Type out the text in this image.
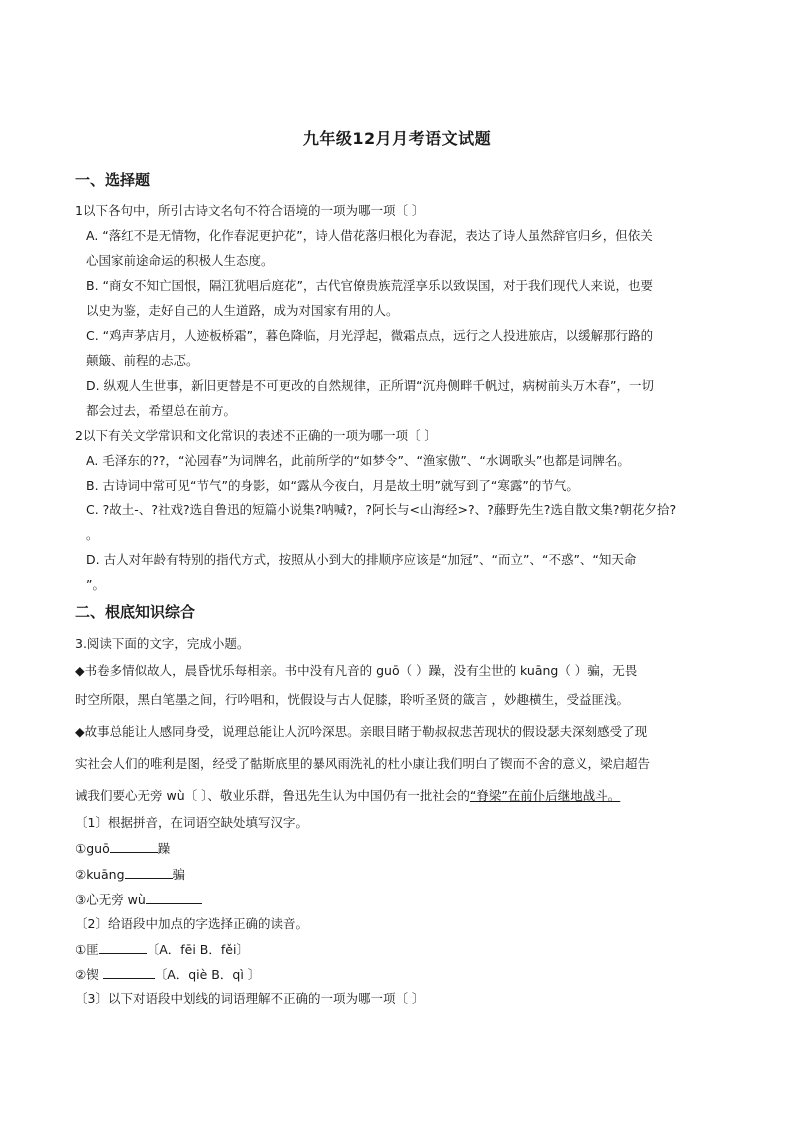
九年级12月月考语文试题
一、选择题
1以下各句中，所引古诗文名句不符合语境的一项为哪一项〔 〕
A. “落红不是无情物，化作春泥更护花”，诗人借花落归根化为春泥，表达了诗人虽然辞官归乡，但依关
心国家前途命运的积极人生态度。
B. “商女不知亡国恨，隔江犹唱后庭花”，古代官僚贵族荒淫享乐以致误国，对于我们现代人来说，也要
以史为鉴，走好自己的人生道路，成为对国家有用的人。
C. “鸡声茅店月，人迹板桥霜”，暮色降临，月光浮起，微霜点点，远行之人投进旅店，以缓解那行路的
颠簸、前程的忐忑。
D. 纵观人生世事，新旧更替是不可更改的自然规律，正所谓“沉舟侧畔千帆过，病树前头万木春”，一切
都会过去，希望总在前方。
2以下有关文学常识和文化常识的表述不正确的一项为哪一项〔 〕
A. 毛泽东的??，“沁园春”为词牌名，此前所学的“如梦令”、“渔家傲”、“水调歌头”也都是词牌名。
B. 古诗词中常可见“节气”的身影，如“露从今夜白，月是故土明”就写到了“寒露”的节气。
C. ?故土-、?社戏?选自鲁迅的短篇小说集?呐喊?，?阿长与<山海经>?、?藤野先生?选自散文集?朝花夕拾?
。
D. 古人对年龄有特别的指代方式，按照从小到大的排顺序应该是“加冠”、“而立”、“不惑”、“知天命
”。
二、根底知识综合
3.阅读下面的文字，完成小题。
◆书卷多情似故人，晨昏忧乐每相亲。书中没有凡音的 guō（ ）躁，没有尘世的 kuāng（ ）骗，无畏
时空所限，黑白笔墨之间，行吟唱和，恍假设与古人促膝，聆听圣贤的箴言 ，妙趣横生，受益匪浅。
◆故事总能让人感同身受，说理总能让人沉吟深思。亲眼目睹于勒叔叔悲苦现状的假设瑟夫深刻感受了现
实社会人们的唯利是图，经受了骷斯底里的暴风雨洗礼的杜小康让我们明白了锲而不舍的意义，梁启超告
诫我们要心无旁 wù〔 〕、敬业乐群，鲁迅先生认为中国仍有一批社会的“脊梁”在前仆后继地战斗。
〔1〕根据拼音，在词语空缺处填写汉字。
①guō	躁
②kuāng	骗
③心无旁 wù
〔2〕给语段中加点的字选择正确的读音。
①匪	〔A．fēi B．fěi〕
②锲	〔A．qiè B．qì 〕
〔3〕以下对语段中划线的词语理解不正确的一项为哪一项〔 〕
